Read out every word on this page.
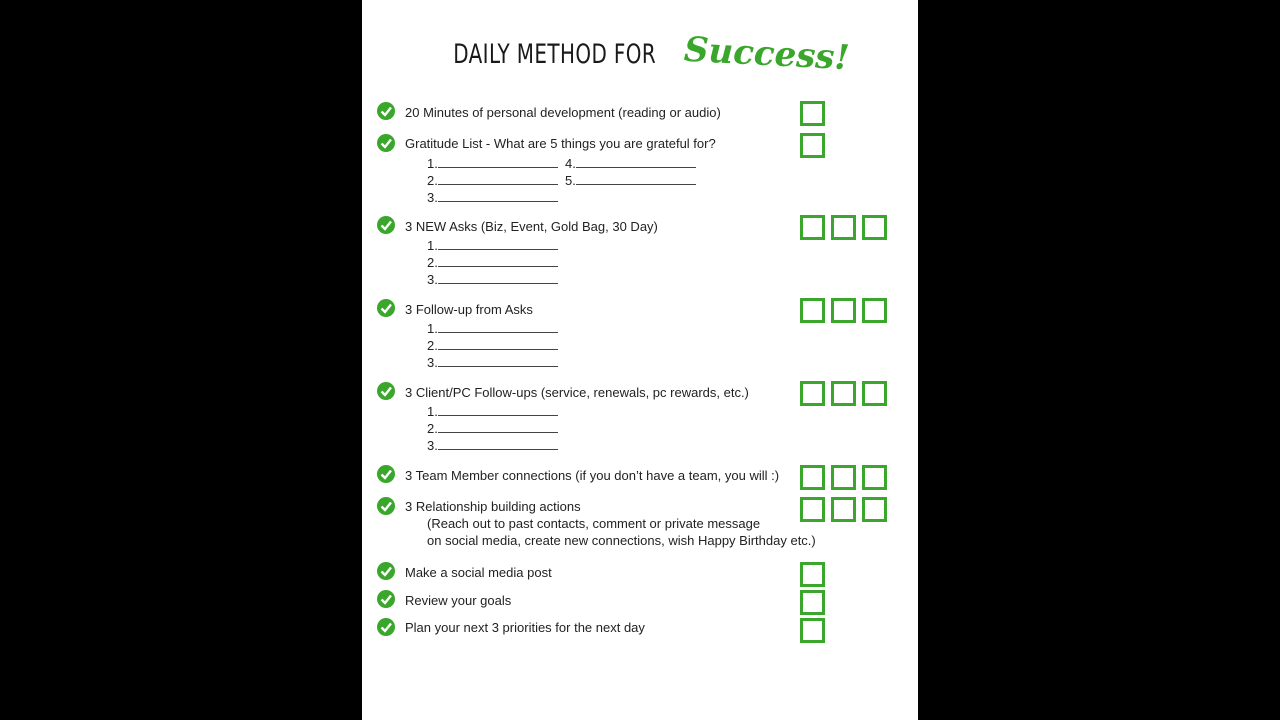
DAILY METHOD FOR Success!
20 Minutes of personal development (reading or audio)
Gratitude List - What are 5 things you are grateful for?
1.	4.
2.	5.
3.
3 NEW Asks (Biz, Event, Gold Bag, 30 Day)
1.
2.
3.
3 Follow-up from Asks
1.
2.
3.
3 Client/PC Follow-ups (service, renewals, pc rewards, etc.)
1.
2.
3.
3 Team Member connections (if you don’t have a team, you will :)
3 Relationship building actions
(Reach out to past contacts, comment or private message
on social media, create new connections, wish Happy Birthday etc.)
Make a social media post
Review your goals
Plan your next 3 priorities for the next day
